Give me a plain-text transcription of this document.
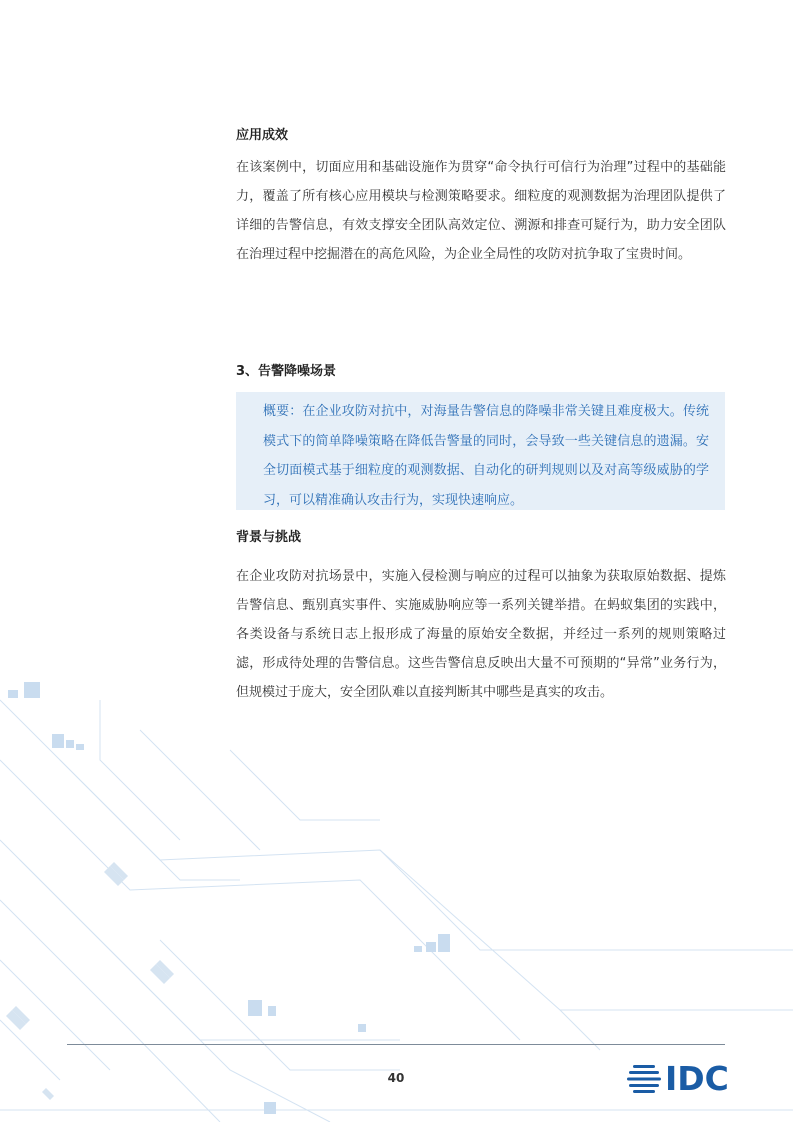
应用成效

在该案例中，切面应用和基础设施作为贯穿“命令执行可信行为治理”过程中的基础能力，覆盖了所有核心应用模块与检测策略要求。细粒度的观测数据为治理团队提供了详细的告警信息，有效支撑安全团队高效定位、溯源和排查可疑行为，助力安全团队在治理过程中挖掘潜在的高危风险，为企业全局性的攻防对抗争取了宝贵时间。

3、告警降噪场景
概要：在企业攻防对抗中，对海量告警信息的降噪非常关键且难度极大。传统模式下的简单降噪策略在降低告警量的同时，会导致一些关键信息的遗漏。安全切面模式基于细粒度的观测数据、自动化的研判规则以及对高等级威胁的学习，可以精准确认攻击行为，实现快速响应。
背景与挑战

在企业攻防对抗场景中，实施入侵检测与响应的过程可以抽象为获取原始数据、提炼告警信息、甄别真实事件、实施威胁响应等一系列关键举措。在蚂蚁集团的实践中，各类设备与系统日志上报形成了海量的原始安全数据，并经过一系列的规则策略过滤，形成待处理的告警信息。这些告警信息反映出大量不可预期的“异常”业务行为，但规模过于庞大，安全团队难以直接判断其中哪些是真实的攻击。

40	IDC
